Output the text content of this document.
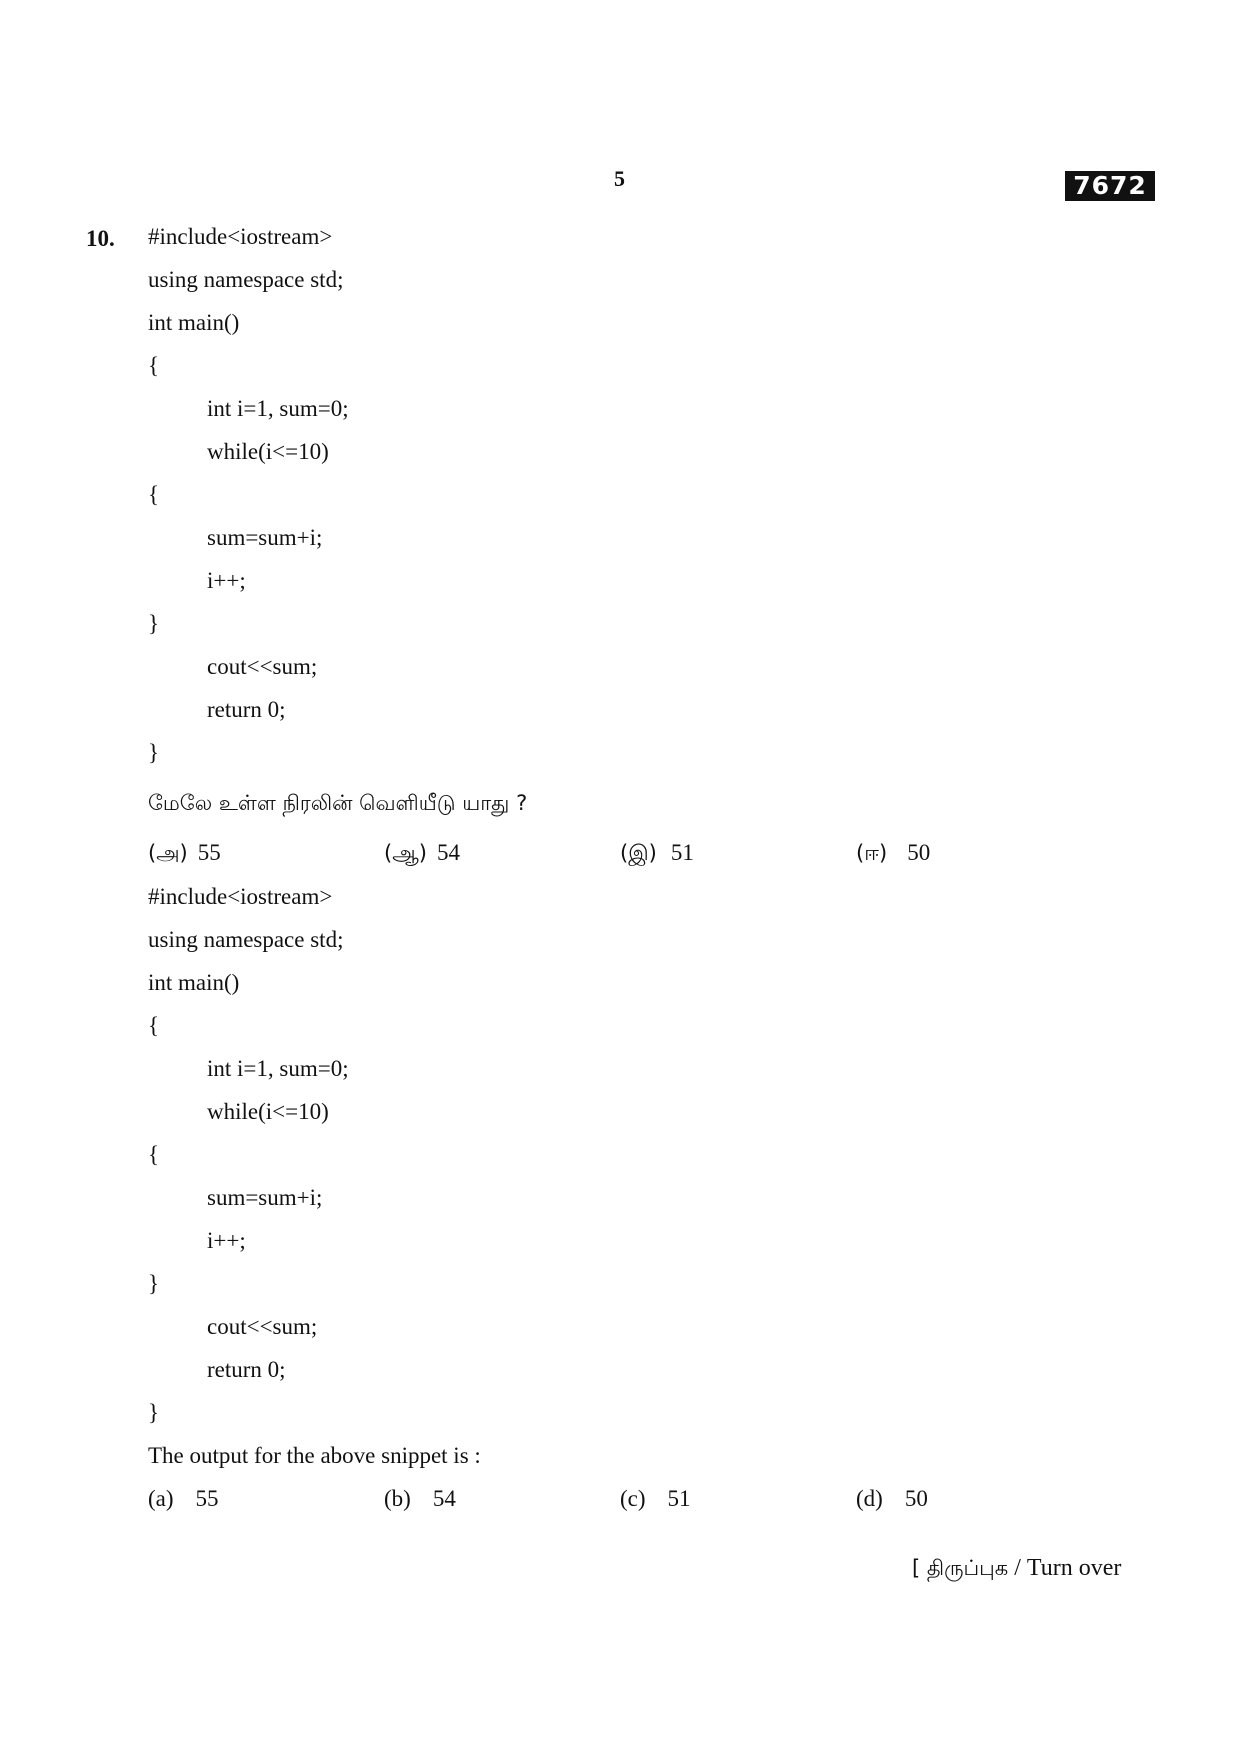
5	7672
10. #include<iostream>
using namespace std;
int main()
{
int i=1, sum=0;
while(i<=10)
{
sum=sum+i;
i++;
}
cout<<sum;
return 0;
}
மேலே உள்ள நிரலின் வெளியீடு யாது ?
(அ) 55	(ஆ) 54	(இ) 51	(ஈ) 50
#include<iostream>
using namespace std;
int main()
{
int i=1, sum=0;
while(i<=10)
{
sum=sum+i;
i++;
}
cout<<sum;
return 0;
}
The output for the above snippet is :
(a) 55	(b) 54	(c) 51	(d) 50
[ திருப்புக / Turn over
